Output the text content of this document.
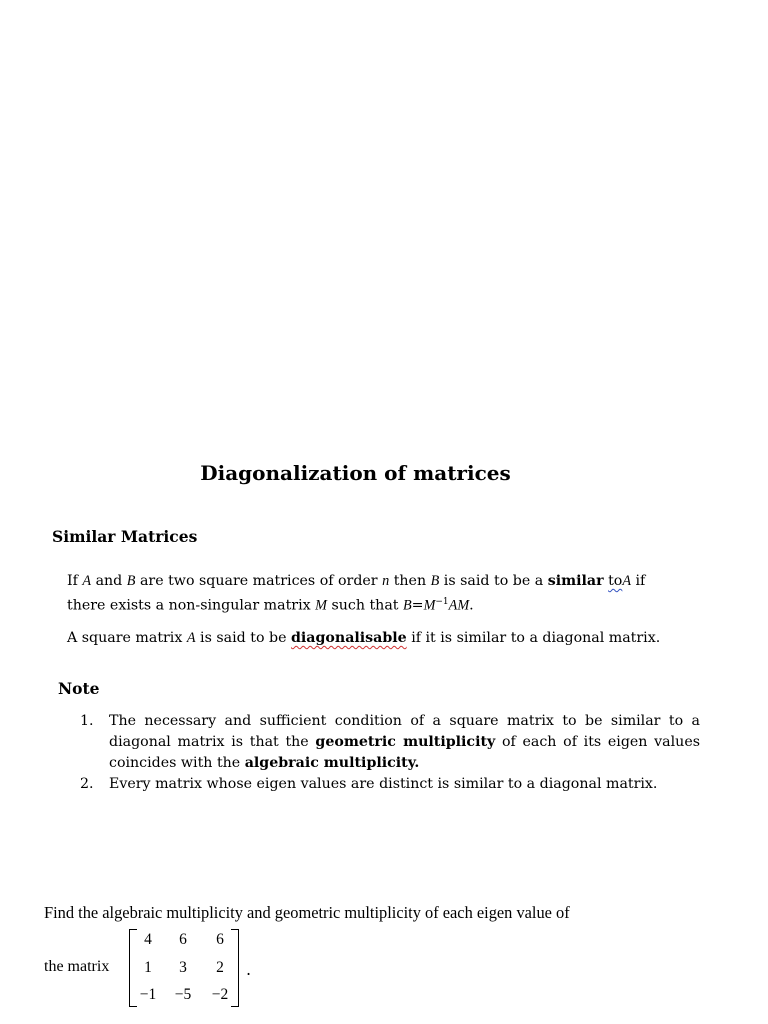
Diagonalization of matrices
Similar Matrices
If A and B are two square matrices of order n then B is said to be a similar toA if
there exists a non-singular matrix M such that $B=M^{-1}AM$.
A square matrix A is said to be diagonalisable if it is similar to a diagonal matrix.
Note
1. The necessary and sufficient condition of a square matrix to be similar to a diagonal matrix is that the geometric multiplicity of each of its eigen values coincides with the algebraic multiplicity.
2. Every matrix whose eigen values are distinct is similar to a diagonal matrix.
Find the algebraic multiplicity and geometric multiplicity of each eigen value of
the matrix
4	6	6
1	3	2
−1	−5	−2
.
